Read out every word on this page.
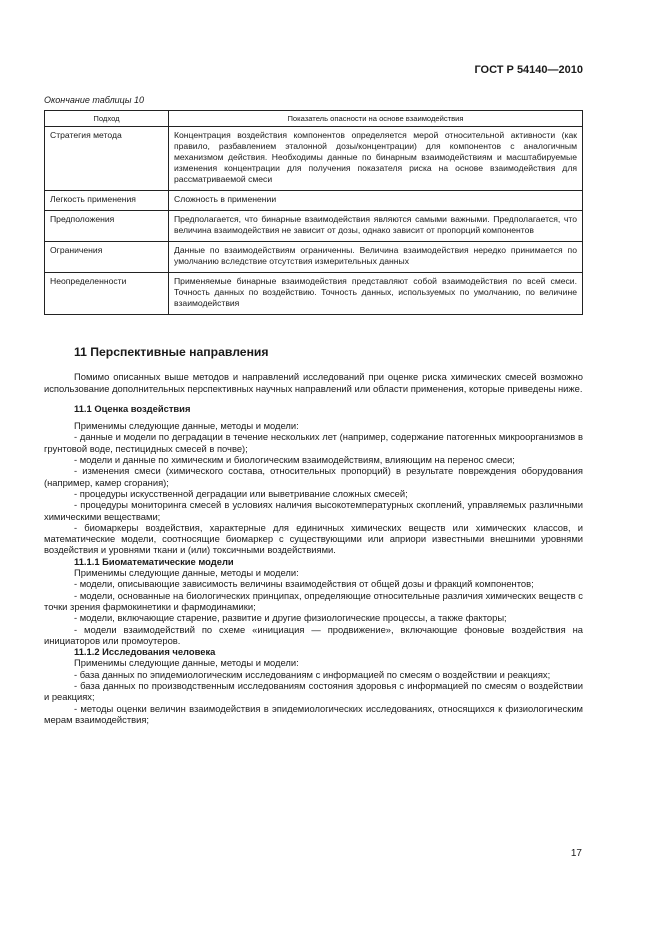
ГОСТ Р 54140—2010
Окончание таблицы 10
Подход	Показатель опасности на основе взаимодействия
Стратегия метода	Концентрация воздействия компонентов определяется мерой относительной активности (как правило, разбавлением эталонной дозы/концентрации) для компонентов с аналогичным механизмом действия. Необходимы данные по бинарным взаимодействиям и масштабируемые изменения концентрации для получения показателя риска на основе взаимодействия для рассматриваемой смеси
Легкость применения	Сложность в применении
Предположения	Предполагается, что бинарные взаимодействия являются самыми важными. Предполагается, что величина взаимодействия не зависит от дозы, однако зависит от пропорций компонентов
Ограничения	Данные по взаимодействиям ограниченны. Величина взаимодействия нередко принимается по умолчанию вследствие отсутствия измерительных данных
Неопределенности	Применяемые бинарные взаимодействия представляют собой взаимодействия по всей смеси. Точность данных по воздействию. Точность данных, используемых по умолчанию, по величине взаимодействия
11 Перспективные направления

Помимо описанных выше методов и направлений исследований при оценке риска химических смесей возможно использование дополнительных перспективных научных направлений или области применения, которые приведены ниже.

11.1 Оценка воздействия

Применимы следующие данные, методы и модели:

- данные и модели по деградации в течение нескольких лет (например, содержание патогенных микроорганизмов в грунтовой воде, пестицидных смесей в почве);

- модели и данные по химическим и биологическим взаимодействиям, влияющим на перенос смеси;

- изменения смеси (химического состава, относительных пропорций) в результате повреждения оборудования (например, камер сгорания);

- процедуры искусственной деградации или выветривание сложных смесей;

- процедуры мониторинга смесей в условиях наличия высокотемпературных скоплений, управляемых различными химическими веществами;

- биомаркеры воздействия, характерные для единичных химических веществ или химических классов, и математические модели, соотносящие биомаркер с существующими или априори известными внешними уровнями воздействия и уровнями ткани и (или) токсичными воздействиями.

11.1.1 Биоматематические модели

Применимы следующие данные, методы и модели:

- модели, описывающие зависимость величины взаимодействия от общей дозы и фракций компонентов;

- модели, основанные на биологических принципах, определяющие относительные различия химических веществ с точки зрения фармокинетики и фармодинамики;

- модели, включающие старение, развитие и другие физиологические процессы, а также факторы;

- модели взаимодействий по схеме «инициация — продвижение», включающие фоновые воздействия на инициаторов или промоутеров.

11.1.2 Исследования человека

Применимы следующие данные, методы и модели:

- база данных по эпидемиологическим исследованиям с информацией по смесям о воздействии и реакциях;

- база данных по производственным исследованиям состояния здоровья с информацией по смесям о воздействии и реакциях;

- методы оценки величин взаимодействия в эпидемиологических исследованиях, относящихся к физиологическим мерам взаимодействия;

17
